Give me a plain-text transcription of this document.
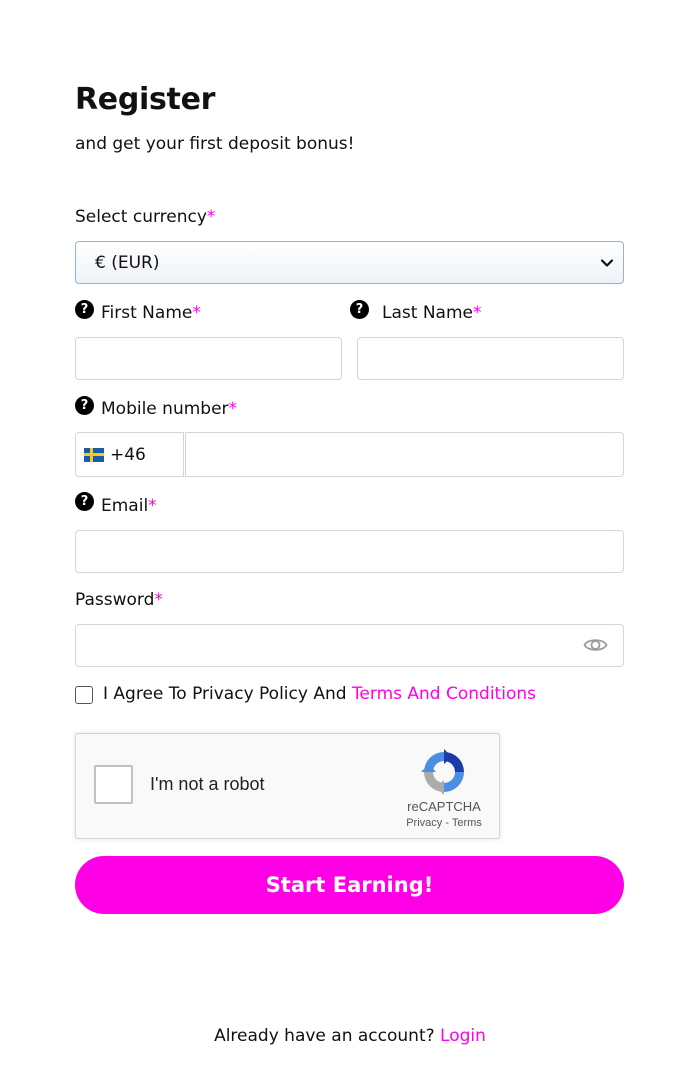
Register
and get your first deposit bonus!
Select currency*
€ (EUR)
? First Name*	?	Last Name*
? Mobile number*
+46
? Email*
Password*
I Agree To Privacy Policy And Terms And Conditions
I'm not a robot
reCAPTCHA
Privacy - Terms
Start Earning!
Already have an account? Login
